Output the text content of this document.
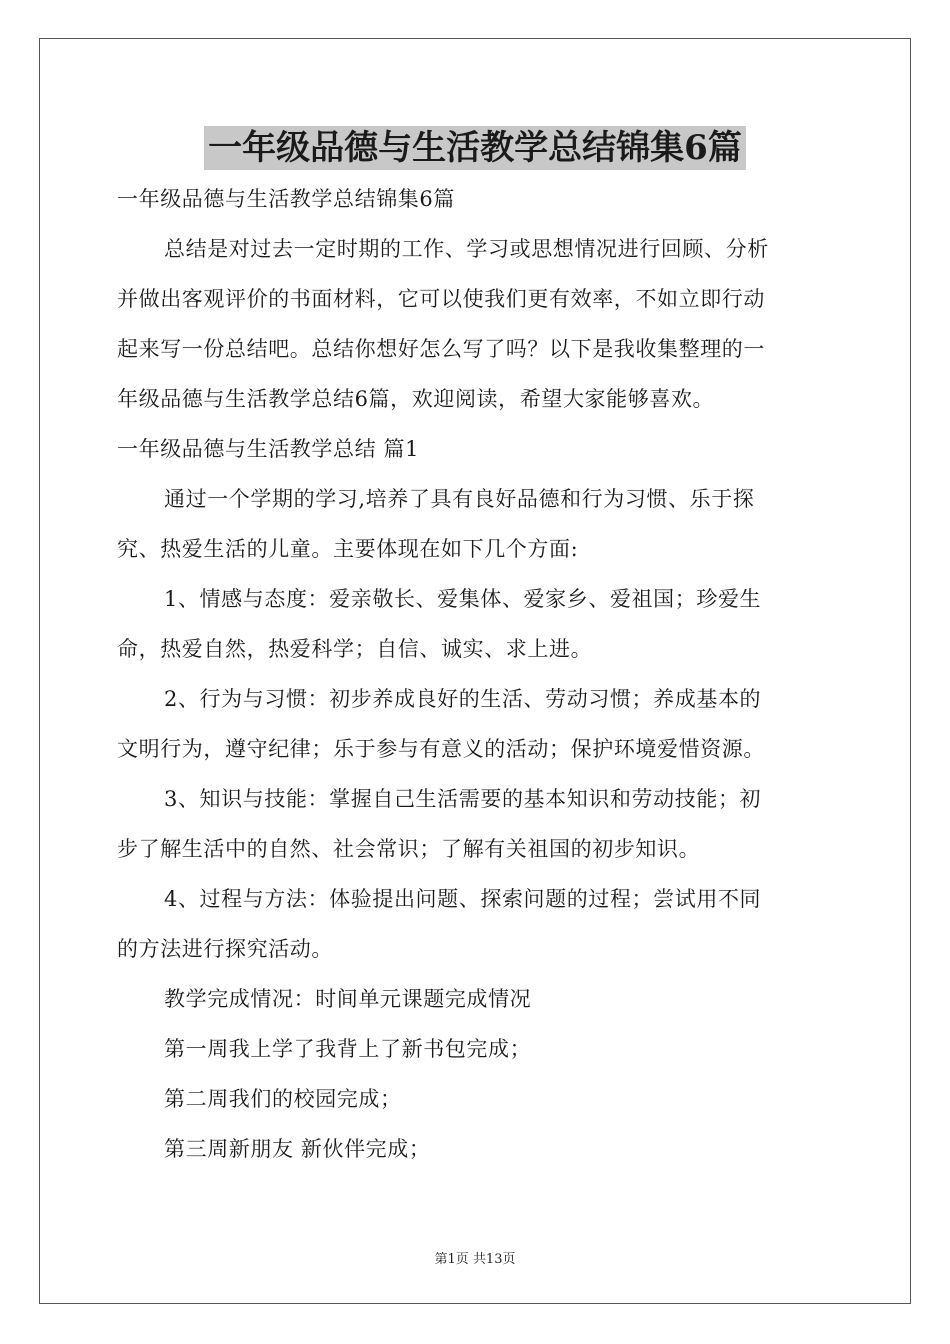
一年级品德与生活教学总结锦集6篇
一年级品德与生活教学总结锦集6篇
总结是对过去一定时期的工作、学习或思想情况进行回顾、分析
并做出客观评价的书面材料，它可以使我们更有效率，不如立即行动
起来写一份总结吧。总结你想好怎么写了吗？以下是我收集整理的一
年级品德与生活教学总结6篇，欢迎阅读，希望大家能够喜欢。
一年级品德与生活教学总结 篇1
通过一个学期的学习,培养了具有良好品德和行为习惯、乐于探
究、热爱生活的儿童。主要体现在如下几个方面:
1、情感与态度：爱亲敬长、爱集体、爱家乡、爱祖国；珍爱生
命，热爱自然，热爱科学；自信、诚实、求上进。
2、行为与习惯：初步养成良好的生活、劳动习惯；养成基本的
文明行为，遵守纪律；乐于参与有意义的活动；保护环境爱惜资源。
3、知识与技能：掌握自己生活需要的基本知识和劳动技能；初
步了解生活中的自然、社会常识；了解有关祖国的初步知识。
4、过程与方法：体验提出问题、探索问题的过程；尝试用不同
的方法进行探究活动。
教学完成情况：时间单元课题完成情况
第一周我上学了我背上了新书包完成；
第二周我们的校园完成；
第三周新朋友 新伙伴完成；
第1页 共13页
